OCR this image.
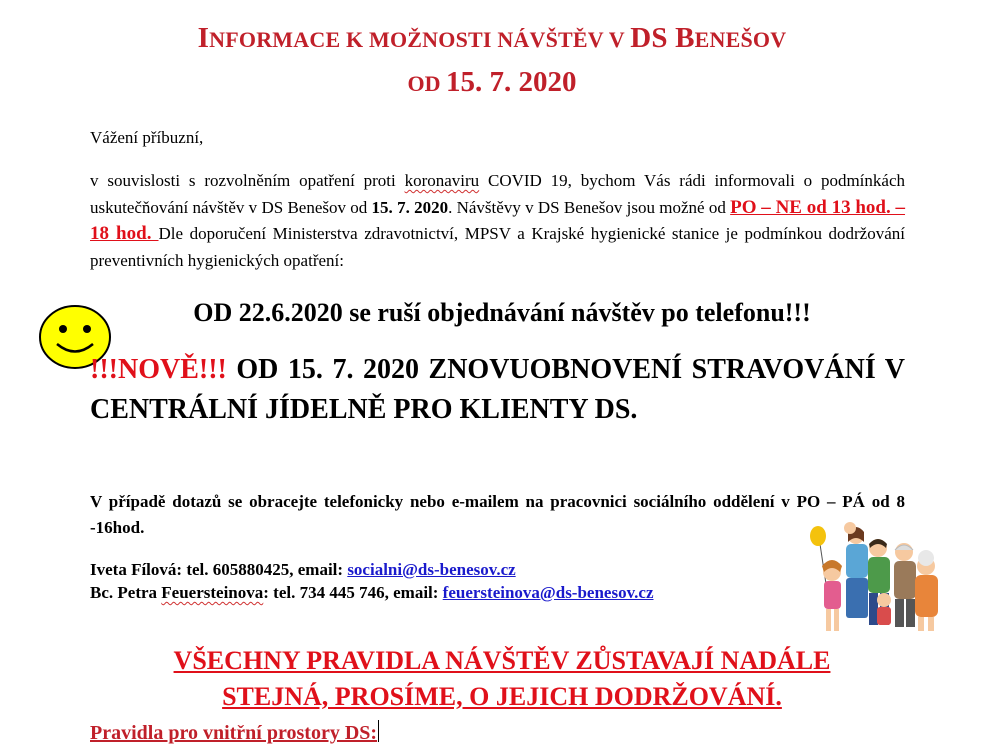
INFORMACE K MOŽNOSTI NÁVŠTĚV V DS BENEŠOV
OD 15. 7. 2020
Vážení příbuzní,
v souvislosti s rozvolněním opatření proti koronaviru COVID 19, bychom Vás rádi informovali o podmínkách uskutečňování návštěv v DS Benešov od 15. 7. 2020. Návštěvy v DS Benešov jsou možné od PO – NE od 13 hod. – 18 hod. Dle doporučení Ministerstva zdravotnictví, MPSV a Krajské hygienické stanice je podmínkou dodržování preventivních hygienických opatření:
OD 22.6.2020 se ruší objednávání návštěv po telefonu!!!
!!!NOVĚ!!! OD 15. 7. 2020 ZNOVUOBNOVENÍ STRAVOVÁNÍ V CENTRÁLNÍ JÍDELNĚ PRO KLIENTY DS.
V případě dotazů se obracejte telefonicky nebo e-mailem na pracovnici sociálního oddělení v PO – PÁ od 8 -16hod.
Iveta Fílová: tel. 605880425, email: socialni@ds-benesov.cz
Bc. Petra Feuersteinova: tel. 734 445 746, email: feuersteinova@ds-benesov.cz
VŠECHNY PRAVIDLA NÁVŠTĚV ZŮSTAVAJÍ NADÁLE
STEJNÁ, PROSÍME, O JEJICH DODRŽOVÁNÍ.
Pravidla pro vnitřní prostory DS:
